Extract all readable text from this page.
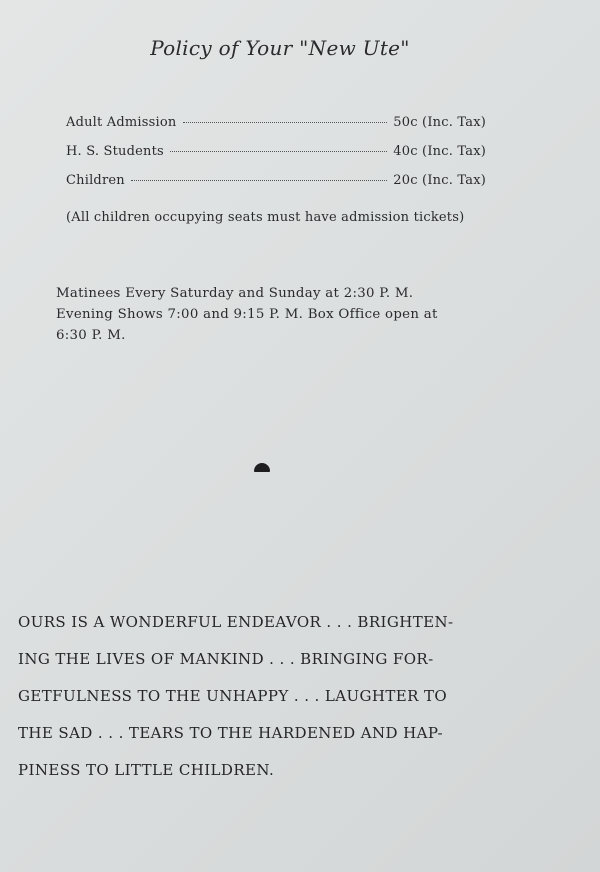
Policy of Your "New Ute"
Adult Admission	50c (Inc. Tax)
H. S. Students	40c (Inc. Tax)
Children	20c (Inc. Tax)
(All children occupying seats must have admission tickets)

Matinees Every Saturday and Sunday at 2:30 P. M.

Evening Shows 7:00 and 9:15 P. M. Box Office open at

6:30 P. M.

OURS IS A WONDERFUL ENDEAVOR . . . BRIGHTEN-

ING THE LIVES OF MANKIND . . . BRINGING FOR-

GETFULNESS TO THE UNHAPPY . . . LAUGHTER TO

THE SAD . . . TEARS TO THE HARDENED AND HAP-

PINESS TO LITTLE CHILDREN.
